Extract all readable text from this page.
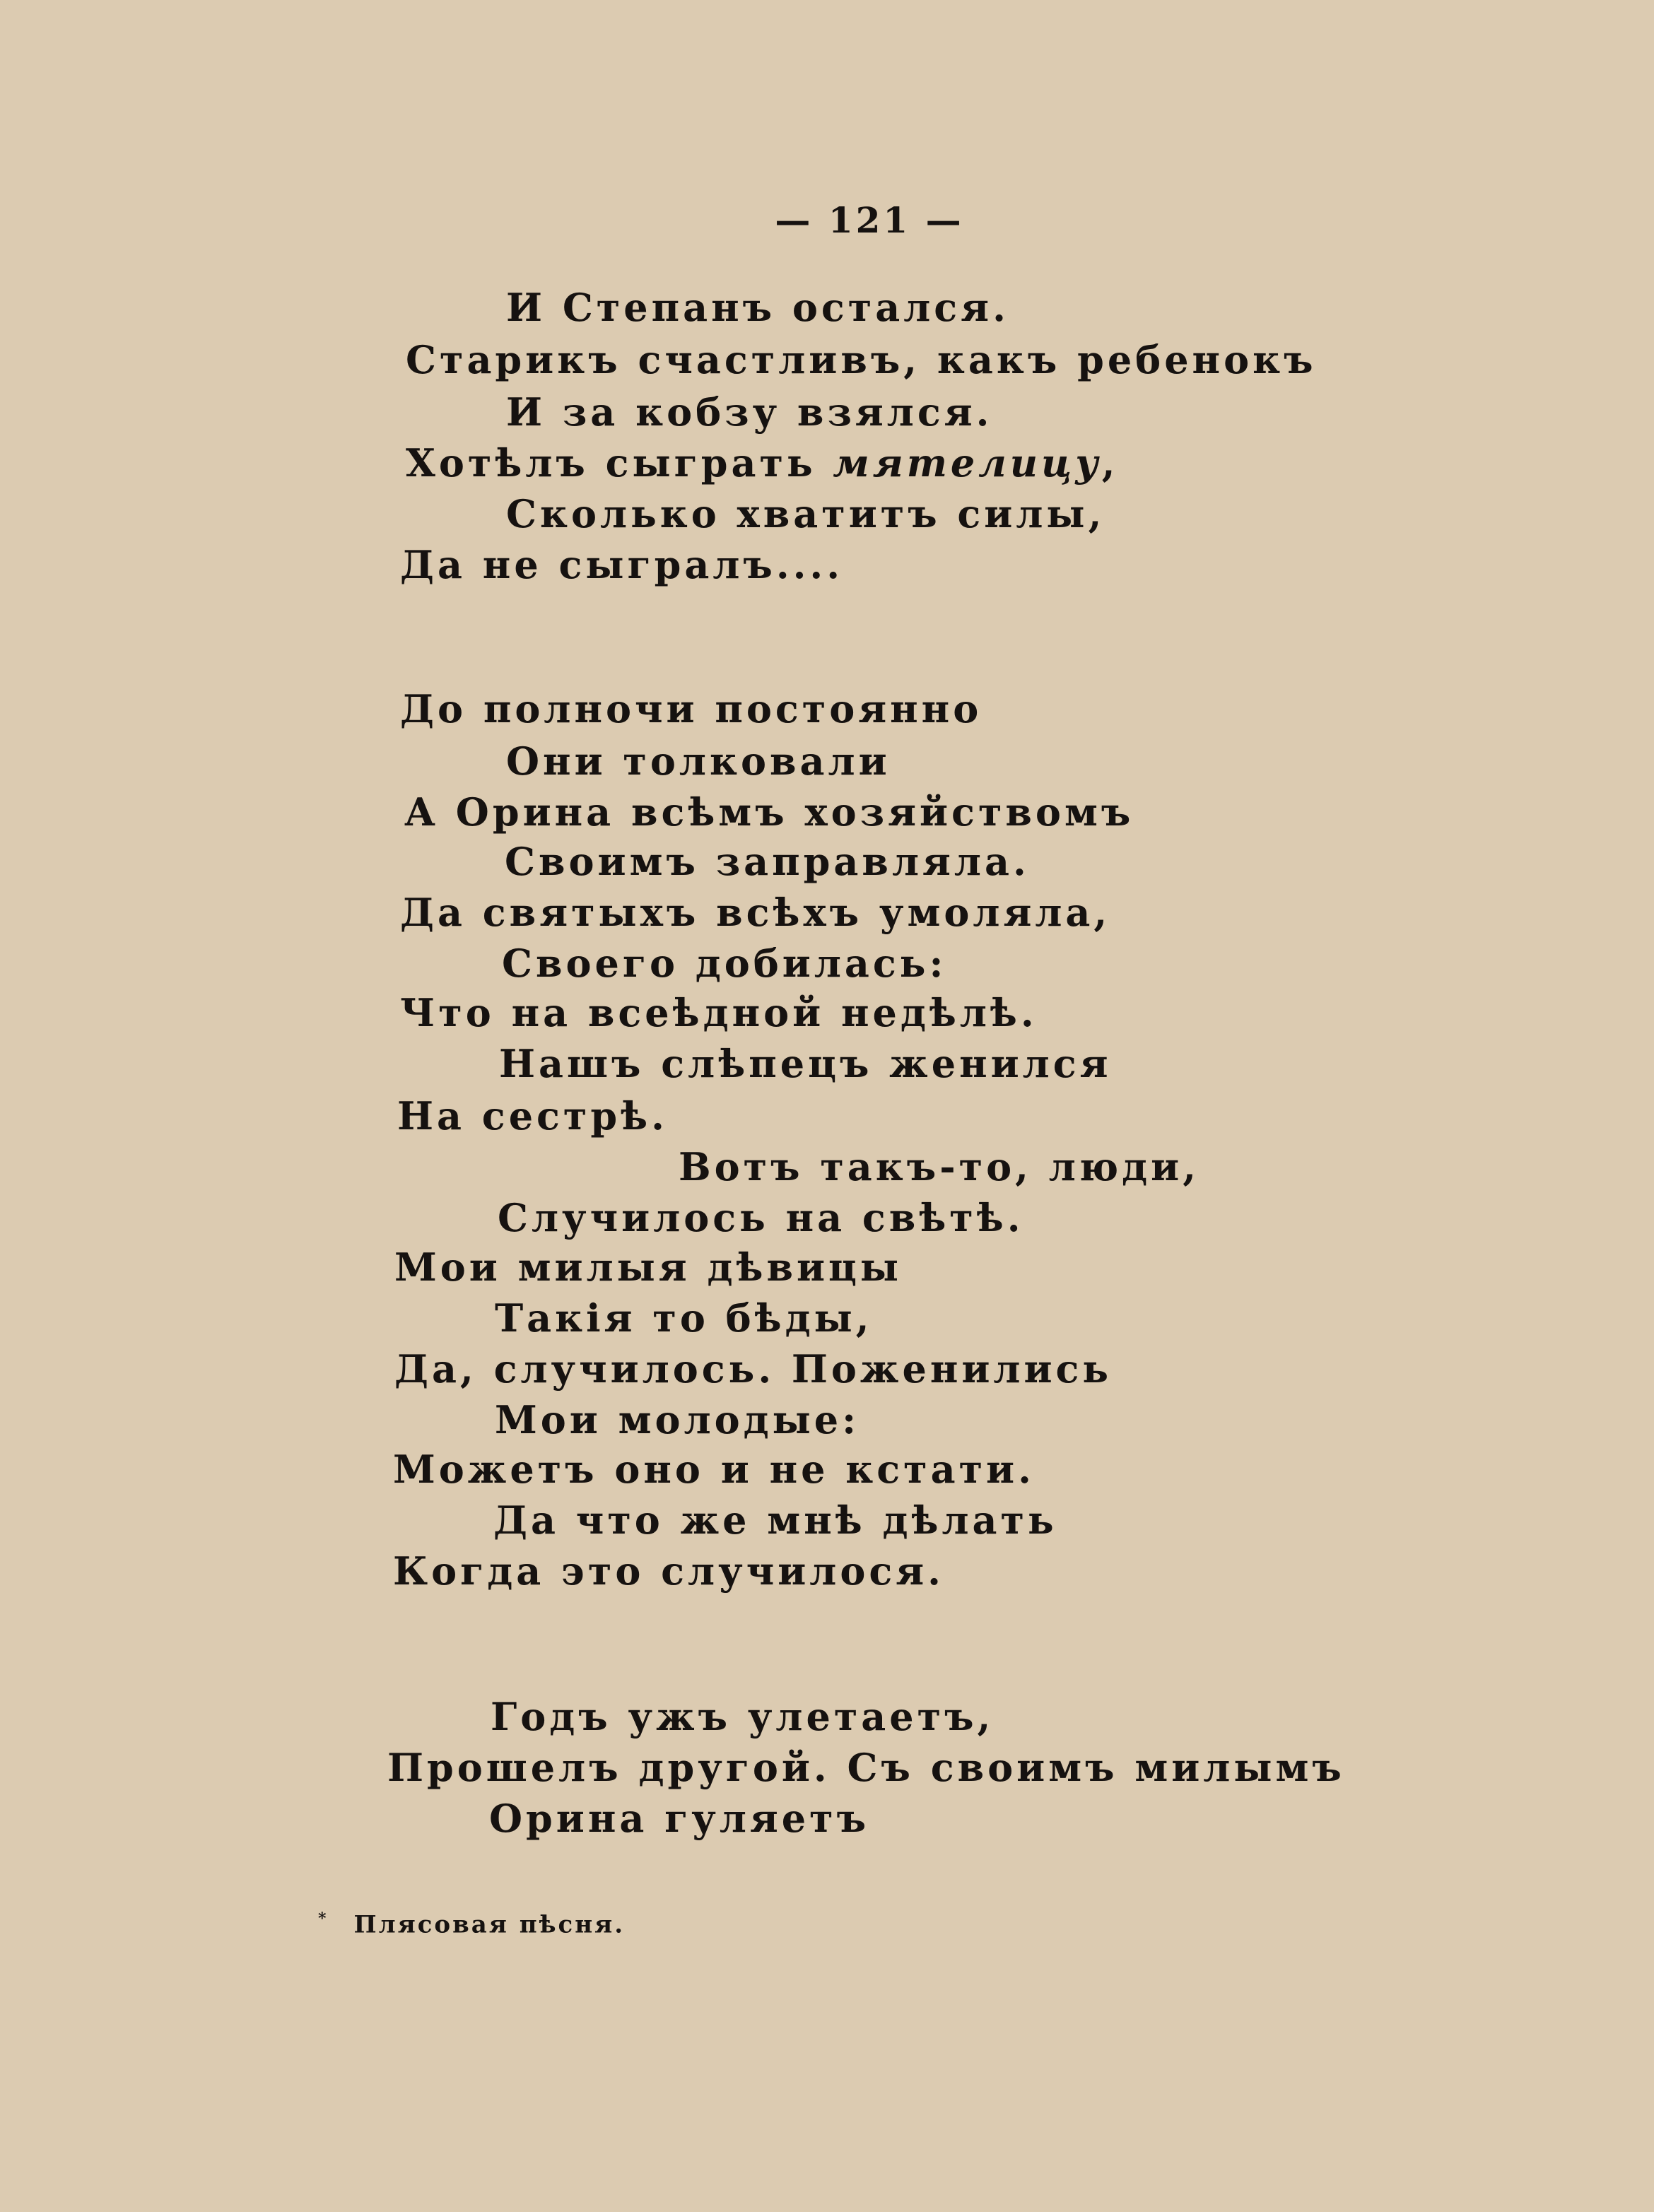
— 121 —
И Степанъ остался.
Старикъ счастливъ, какъ ребенокъ
И за кобзу взялся.
Хотѣлъ сыграть мятелицу,
Сколько хватитъ силы,
Да не сыгралъ....
До полночи постоянно
Они толковали
А Орина всѣмъ хозяйствомъ
Своимъ заправляла.
Да святыхъ всѣхъ умоляла,
Своего добилась:
Что на всеѣдной недѣлѣ.
Нашъ слѣпецъ женился
На сестрѣ.
Вотъ такъ-то, люди,
Случилось на свѣтѣ.
Мои милыя дѣвицы
Такія то бѣды,
Да, случилось. Поженились
Мои молодые:
Можетъ оно и не кстати.
Да что же мнѣ дѣлать
Когда это случилося.
Годъ ужъ улетаетъ,
Прошелъ другой. Съ своимъ милымъ
Орина гуляетъ
* Плясовая пѣсня.
